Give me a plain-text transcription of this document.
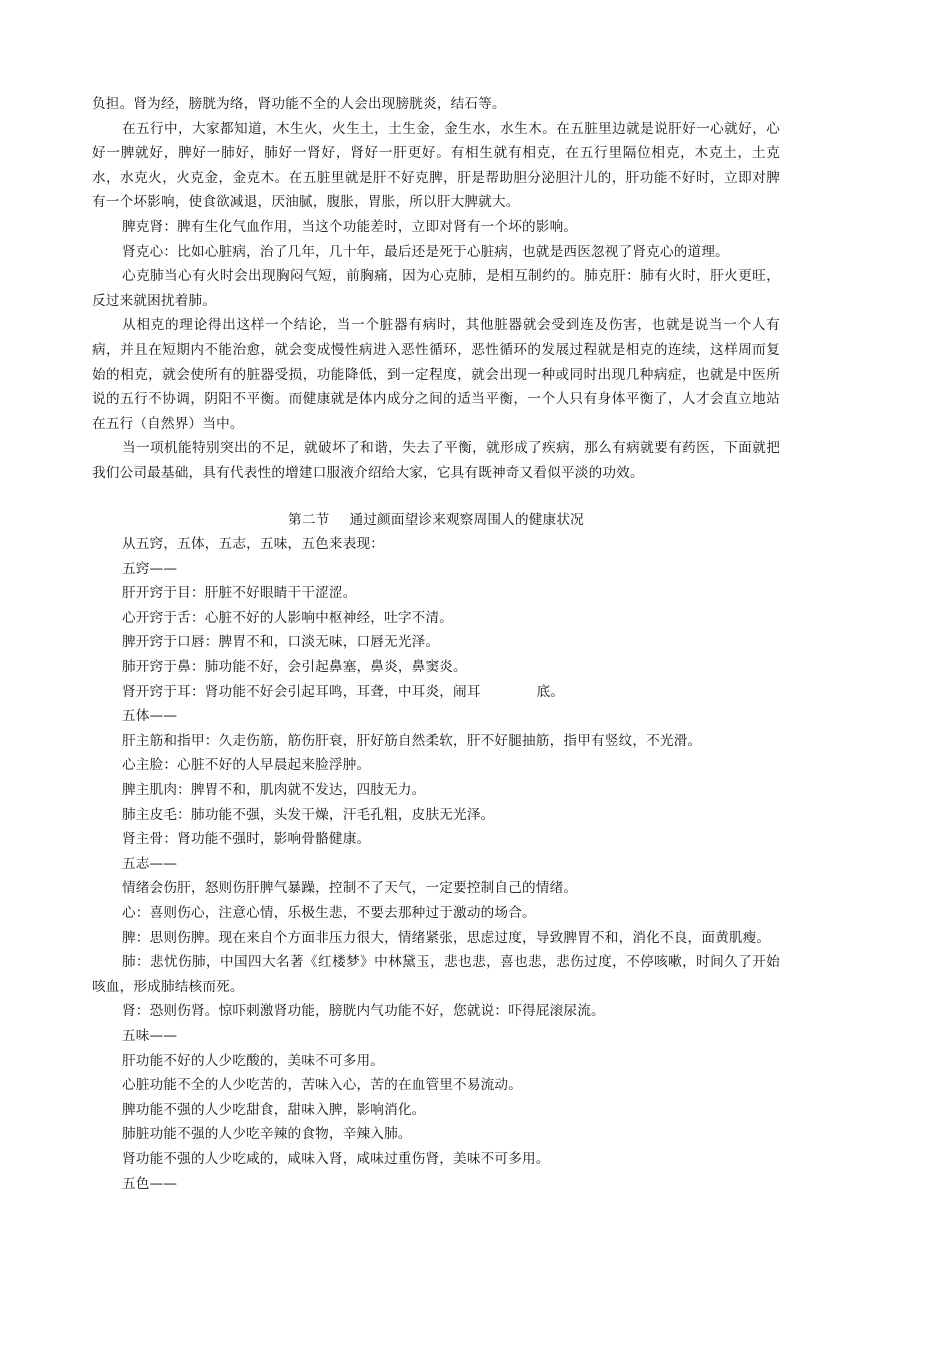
负担。肾为经，膀胱为络，肾功能不全的人会出现膀胱炎，结石等。

在五行中，大家都知道，木生火，火生土，土生金，金生水，水生木。在五脏里边就是说肝好一心就好，心好一脾就好，脾好一肺好，肺好一肾好，肾好一肝更好。有相生就有相克，在五行里隔位相克，木克土，土克水，水克火，火克金，金克木。在五脏里就是肝不好克脾，肝是帮助胆分泌胆汁儿的，肝功能不好时，立即对脾有一个坏影响，使食欲减退，厌油腻，腹胀，胃胀，所以肝大脾就大。

脾克肾：脾有生化气血作用，当这个功能差时，立即对肾有一个坏的影响。

肾克心：比如心脏病，治了几年，几十年，最后还是死于心脏病，也就是西医忽视了肾克心的道理。

心克肺当心有火时会出现胸闷气短，前胸痛，因为心克肺，是相互制约的。肺克肝：肺有火时，肝火更旺，反过来就困扰着肺。

从相克的理论得出这样一个结论，当一个脏器有病时，其他脏器就会受到连及伤害，也就是说当一个人有病，并且在短期内不能治愈，就会变成慢性病进入恶性循环，恶性循环的发展过程就是相克的连续，这样周而复始的相克，就会使所有的脏器受损，功能降低，到一定程度，就会出现一种或同时出现几种病症，也就是中医所说的五行不协调，阴阳不平衡。而健康就是体内成分之间的适当平衡，一个人只有身体平衡了，人才会直立地站在五行（自然界）当中。

当一项机能特别突出的不足，就破坏了和谐，失去了平衡，就形成了疾病，那么有病就要有药医，下面就把我们公司最基础，具有代表性的增建口服液介绍给大家，它具有既神奇又看似平淡的功效。

第二节 通过颜面望诊来观察周围人的健康状况

从五窍，五体，五志，五味，五色来表现：

五窍——

肝开窍于目：肝脏不好眼睛干干涩涩。

心开窍于舌：心脏不好的人影响中枢神经，吐字不清。

脾开窍于口唇：脾胃不和，口淡无味，口唇无光泽。

肺开窍于鼻：肺功能不好，会引起鼻塞，鼻炎，鼻窦炎。

肾开窍于耳：肾功能不好会引起耳鸣，耳聋，中耳炎，闹耳	底。

五体——

肝主筋和指甲：久走伤筋，筋伤肝衰，肝好筋自然柔软，肝不好腿抽筋，指甲有竖纹，不光滑。

心主脸：心脏不好的人早晨起来脸浮肿。

脾主肌肉：脾胃不和，肌肉就不发达，四肢无力。

肺主皮毛：肺功能不强，头发干燥，汗毛孔粗，皮肤无光泽。

肾主骨：肾功能不强时，影响骨骼健康。

五志——

情绪会伤肝，怒则伤肝脾气暴躁，控制不了天气，一定要控制自己的情绪。

心：喜则伤心，注意心情，乐极生悲，不要去那种过于激动的场合。

脾：思则伤脾。现在来自个方面非压力很大，情绪紧张，思虑过度，导致脾胃不和，消化不良，面黄肌瘦。

肺：悲忧伤肺，中国四大名著《红楼梦》中林黛玉，悲也悲，喜也悲，悲伤过度，不停咳嗽，时间久了开始咳血，形成肺结核而死。

肾：恐则伤肾。惊吓刺激肾功能，膀胱内气功能不好，您就说：吓得屁滚尿流。

五味——

肝功能不好的人少吃酸的，美味不可多用。

心脏功能不全的人少吃苦的，苦味入心，苦的在血管里不易流动。

脾功能不强的人少吃甜食，甜味入脾，影响消化。

肺脏功能不强的人少吃辛辣的食物，辛辣入肺。

肾功能不强的人少吃咸的，咸味入肾，咸味过重伤肾，美味不可多用。

五色——
